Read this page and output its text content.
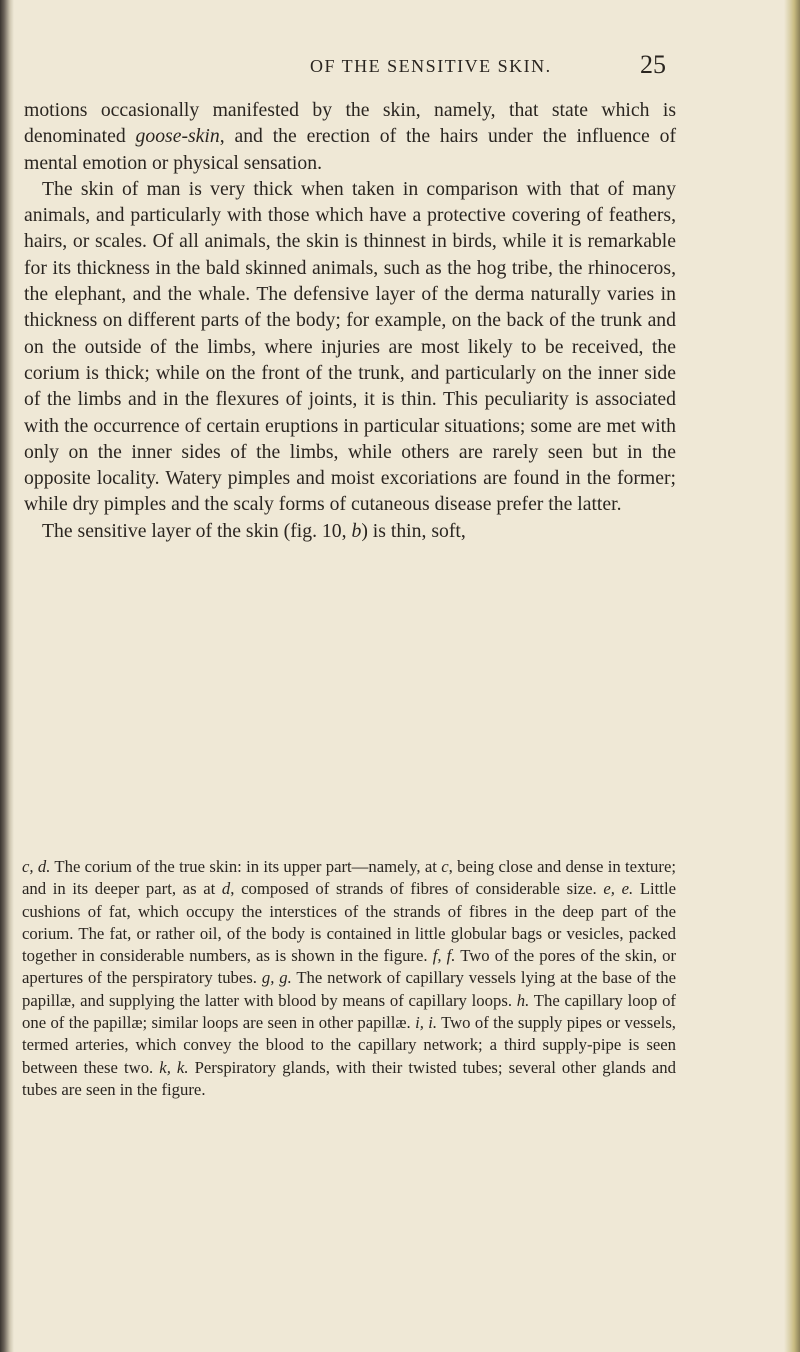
OF THE SENSITIVE SKIN.	25

motions occasionally manifested by the skin, namely, that state which is denominated goose-skin, and the erection of the hairs under the influence of mental emotion or physical sensation.

The skin of man is very thick when taken in comparison with that of many animals, and particularly with those which have a protective covering of feathers, hairs, or scales. Of all animals, the skin is thinnest in birds, while it is remarkable for its thickness in the bald skinned animals, such as the hog tribe, the rhinoceros, the elephant, and the whale. The defensive layer of the derma naturally varies in thickness on different parts of the body; for example, on the back of the trunk and on the outside of the limbs, where injuries are most likely to be received, the corium is thick; while on the front of the trunk, and particularly on the inner side of the limbs and in the flexures of joints, it is thin. This peculiarity is associated with the occurrence of certain eruptions in particular situations; some are met with only on the inner sides of the limbs, while others are rarely seen but in the opposite locality. Watery pimples and moist excoriations are found in the former; while dry pimples and the scaly forms of cutaneous disease prefer the latter.

The sensitive layer of the skin (fig. 10, b) is thin, soft,

c, d. The corium of the true skin: in its upper part—namely, at c, being close and dense in texture; and in its deeper part, as at d, composed of strands of fibres of considerable size. e, e. Little cushions of fat, which occupy the interstices of the strands of fibres in the deep part of the corium. The fat, or rather oil, of the body is contained in little globular bags or vesicles, packed together in considerable numbers, as is shown in the figure. f, f. Two of the pores of the skin, or apertures of the perspiratory tubes. g, g. The network of capillary vessels lying at the base of the papillæ, and supplying the latter with blood by means of capillary loops. h. The capillary loop of one of the papillæ; similar loops are seen in other papillæ. i, i. Two of the supply pipes or vessels, termed arteries, which convey the blood to the capillary network; a third supply-pipe is seen between these two. k, k. Perspiratory glands, with their twisted tubes; several other glands and tubes are seen in the figure.
